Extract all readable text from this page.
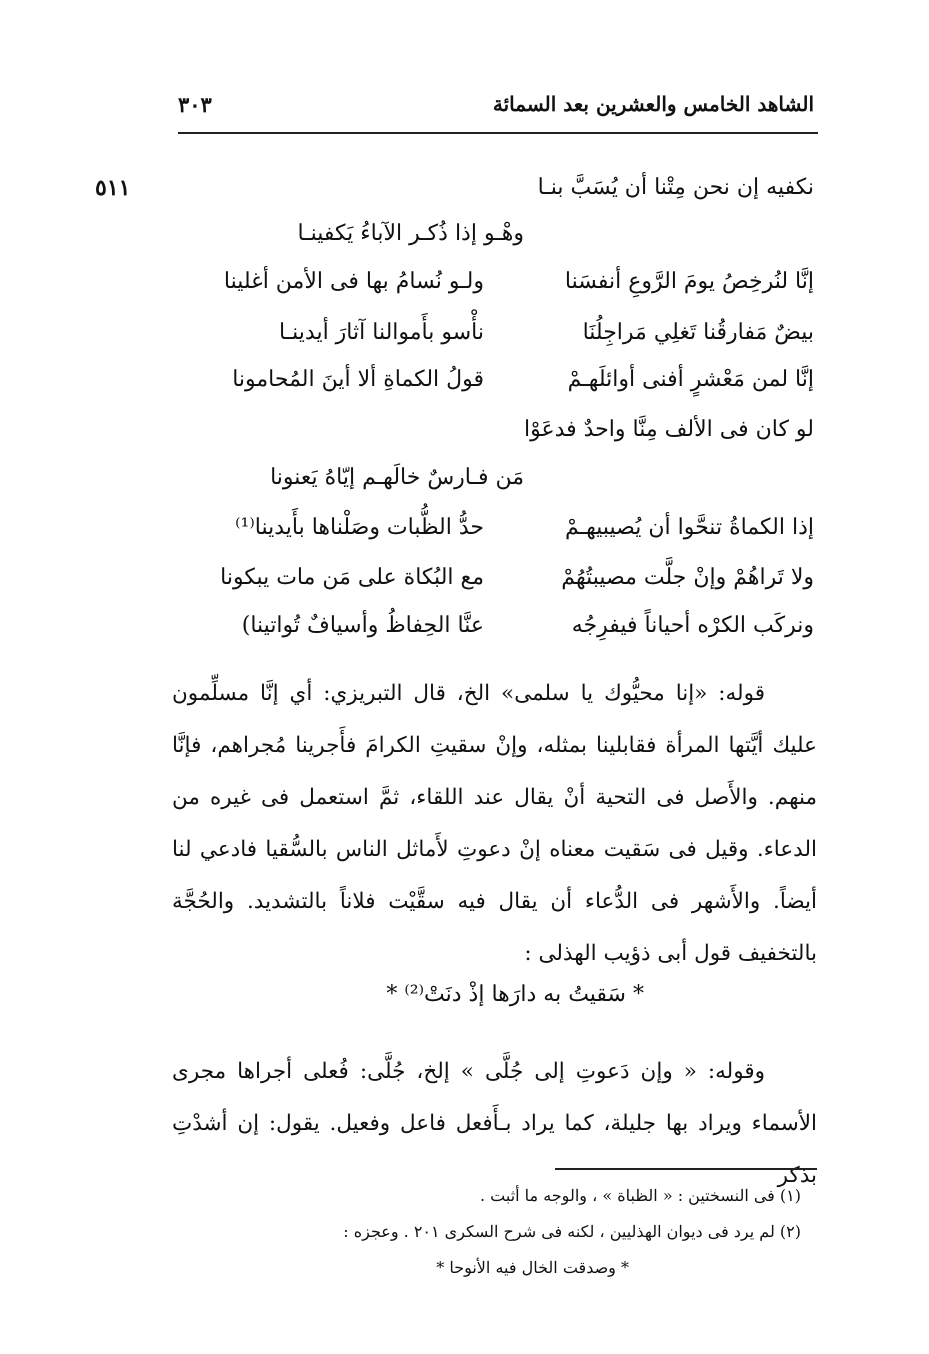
الشاهد الخامس والعشرين بعد السمائة
٣٠٣
٥١١	نكفيه إن نحن مِتْنا أن يُسَبَّ بنـا
وهْـو إذا ذُكـر الآباءُ يَكفينـا
إنَّا لنُرخِصُ يومَ الرَّوعِ أنفسَنا
ولـو نُسامُ بها فى الأمن أغلينا
بيضٌ مَفارقُنا تَغلِي مَراجِلُنَا
نأْسو بأَموالنا آثارَ أيدينـا
إنَّا لمن مَعْشرٍ أفنى أوائلَهـمْ
قولُ الكماةِ ألا أينَ المُحامونا
لو كان فى الألف مِنَّا واحدٌ فدعَوْا
مَن فـارسٌ خالَهـم إيّاهُ يَعنونا
إذا الكماةُ تنحَّوا أن يُصيبيهـمْ
حدُّ الظُّبات وصَلْناها بأَيدينا⁽¹⁾
ولا تَراهُمْ وإنْ جلَّت مصيبتُهُمْ
مع البُكاة على مَن مات يبكونا
ونركَب الكرْه أحياناً فيفرِجُه
عنَّا الحِفاظُ وأسيافٌ تُواتينا)

قوله: «إنا محيُّوك يا سلمى» الخ، قال التبريزي: أي إنَّا مسلِّمون عليك أيَّتها المرأة فقابلينا بمثله، وإنْ سقيتِ الكرامَ فأَجرينا مُجراهم، فإنَّا منهم. والأَصل فى التحية أنْ يقال عند اللقاء، ثمَّ استعمل فى غيره من الدعاء. وقيل فى سَقيت معناه إنْ دعوتِ لأَماثل الناس بالسُّقيا فادعي لنا أيضاً. والأَشهر فى الدُّعاء أن يقال فيه سقَّيْت فلاناً بالتشديد. والحُجَّة بالتخفيف قول أبى ذؤيب الهذلى :

* سَقيتُ به دارَها إذْ دنَتْ⁽²⁾ *

وقوله: « وإن دَعوتِ إلى جُلَّى » إلخ، جُلَّى: فُعلى أجراها مجرى الأسماء ويراد بها جليلة، كما يراد بـأَفعل فاعل وفعيل. يقول: إن أشدْتِ بذكر

(١) فى النسختين : « الظباة » ، والوجه ما أثبت .
(٢) لم يرد فى ديوان الهذليين ، لكنه فى شرح السكرى ٢٠١ . وعجزه :
* وصدقت الخال فيه الأنوحا *
